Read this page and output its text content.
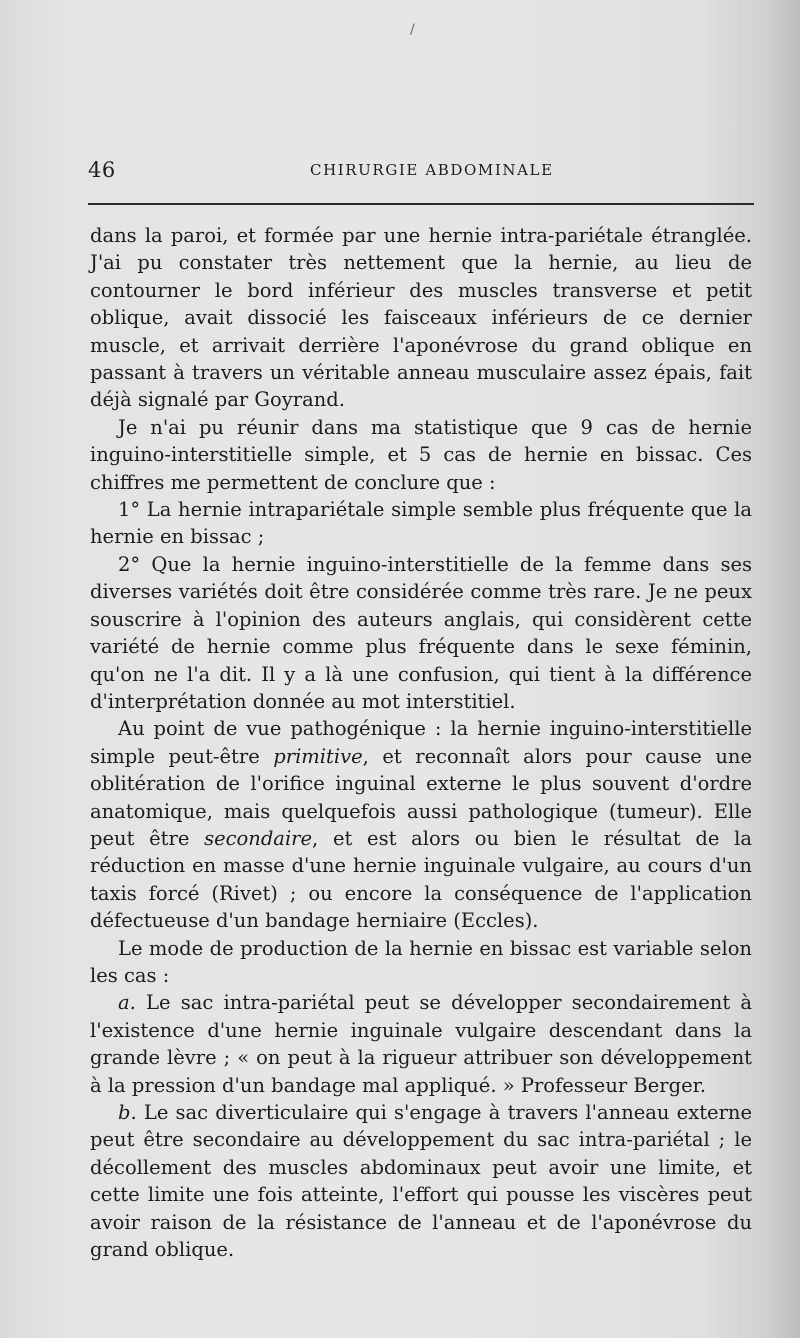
/
46	CHIRURGIE ABDOMINALE

dans la paroi, et formée par une hernie intra-pariétale étranglée. J'ai pu constater très nettement que la hernie, au lieu de contourner le bord inférieur des muscles transverse et petit oblique, avait dissocié les faisceaux inférieurs de ce dernier muscle, et arrivait derrière l'aponévrose du grand oblique en passant à travers un véritable anneau musculaire assez épais, fait déjà signalé par Goyrand.

Je n'ai pu réunir dans ma statistique que 9 cas de hernie inguino-interstitielle simple, et 5 cas de hernie en bissac. Ces chiffres me permettent de conclure que :

1° La hernie intrapariétale simple semble plus fréquente que la hernie en bissac ;

2° Que la hernie inguino-interstitielle de la femme dans ses diverses variétés doit être considérée comme très rare. Je ne peux souscrire à l'opinion des auteurs anglais, qui considèrent cette variété de hernie comme plus fréquente dans le sexe féminin, qu'on ne l'a dit. Il y a là une confusion, qui tient à la différence d'interprétation donnée au mot interstitiel.

Au point de vue pathogénique : la hernie inguino-interstitielle simple peut-être primitive, et reconnaît alors pour cause une oblitération de l'orifice inguinal externe le plus souvent d'ordre anatomique, mais quelquefois aussi pathologique (tumeur). Elle peut être secondaire, et est alors ou bien le résultat de la réduction en masse d'une hernie inguinale vulgaire, au cours d'un taxis forcé (Rivet) ; ou encore la conséquence de l'application défectueuse d'un bandage herniaire (Eccles).

Le mode de production de la hernie en bissac est variable selon les cas :

a. Le sac intra-pariétal peut se développer secondairement à l'existence d'une hernie inguinale vulgaire descendant dans la grande lèvre ; « on peut à la rigueur attribuer son développement à la pression d'un bandage mal appliqué. » Professeur Berger.

b. Le sac diverticulaire qui s'engage à travers l'anneau externe peut être secondaire au développement du sac intra-pariétal ; le décollement des muscles abdominaux peut avoir une limite, et cette limite une fois atteinte, l'effort qui pousse les viscères peut avoir raison de la résistance de l'anneau et de l'aponévrose du grand oblique.
